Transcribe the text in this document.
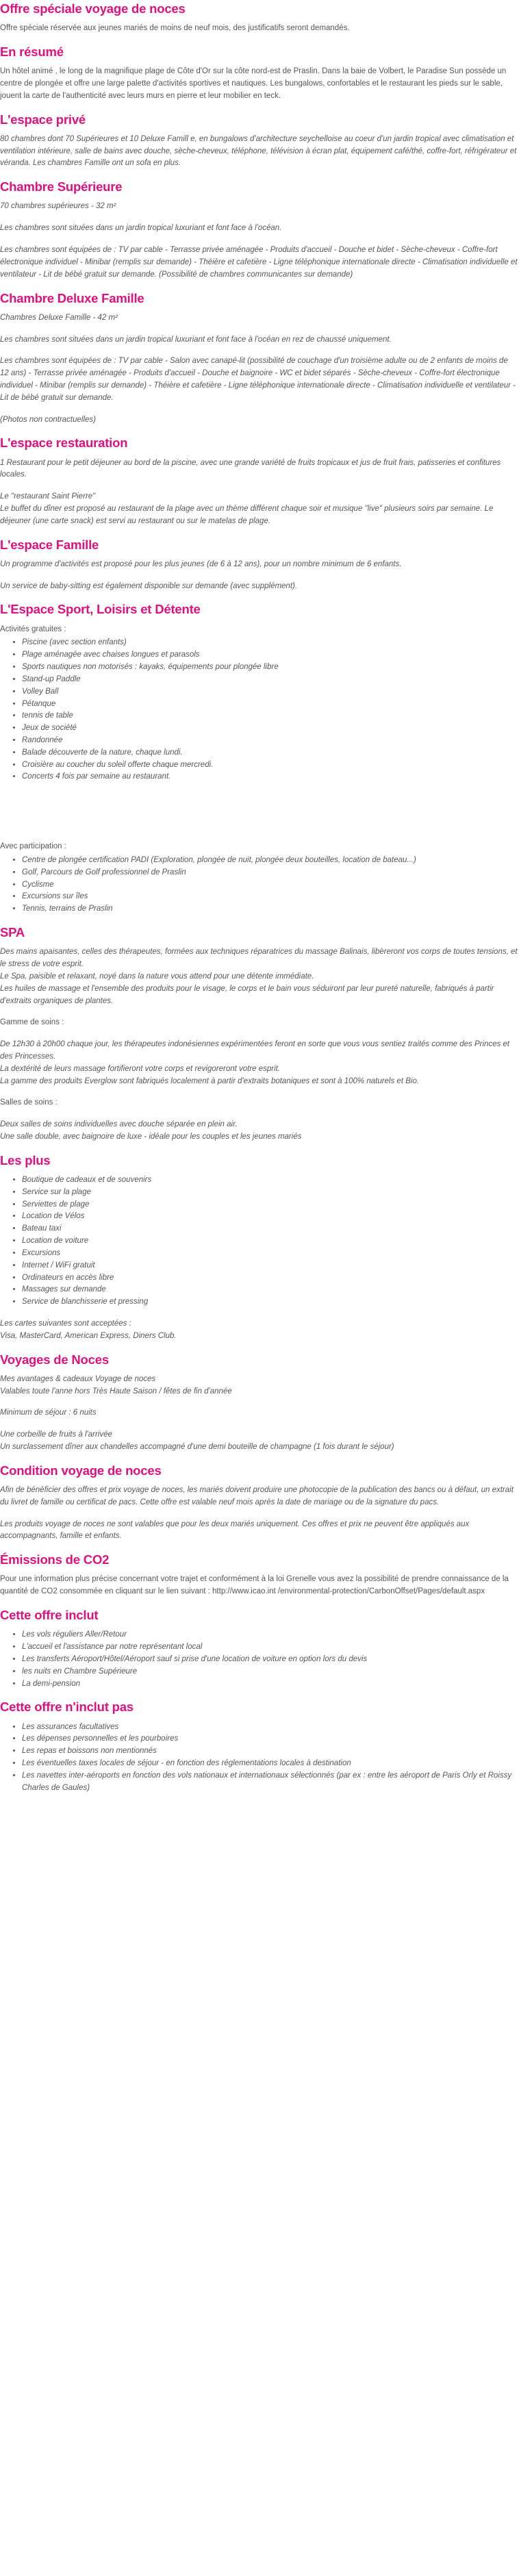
Offre spéciale voyage de noces

Offre spéciale réservée aux jeunes mariés de moins de neuf mois, des justificatifs seront demandés.

En résumé

Un hôtel animé , le long de la magnifique plage de Côte d'Or sur la côte nord-est de Praslin. Dans la baie de Volbert, le Paradise Sun possède un centre de plongée et offre une large palette d'activités sportives et nautiques. Les bungalows, confortables et le restaurant les pieds sur le sable, jouent la carte de l'authenticité avec leurs murs en pierre et leur mobilier en teck.

L'espace privé

80 chambres dont 70 Supérieures et 10 Deluxe Famill e, en bungalows d'architecture seychelloise au coeur d'un jardin tropical avec climatisation et ventilation intérieure, salle de bains avec douche, sèche-cheveux, téléphone, télévision à écran plat, équipement café/thé, coffre-fort, réfrigérateur et véranda. Les chambres Famille ont un sofa en plus.

Chambre Supérieure

70 chambres supérieures - 32 m²

Les chambres sont situées dans un jardin tropical luxuriant et font face à l'océan.

Les chambres sont équipées de : TV par cable - Terrasse privée aménagée - Produits d'accueil - Douche et bidet - Sèche-cheveux - Coffre-fort électronique individuel - Minibar (remplis sur demande) - Théière et cafetière - Ligne téléphonique internationale directe - Climatisation individuelle et ventilateur - Lit de bébé gratuit sur demande. (Possibilité de chambres communicantes sur demande)

Chambre Deluxe Famille

Chambres Deluxe Famille - 42 m²

Les chambres sont situées dans un jardin tropical luxuriant et font face à l'océan en rez de chaussé uniquement.

Les chambres sont équipées de : TV par cable - Salon avec canapé-lit (possibilité de couchage d'un troisième adulte ou de 2 enfants de moins de 12 ans) - Terrasse privée aménagée - Produits d'accueil - Douche et baignoire - WC et bidet séparés - Sèche-cheveux - Coffre-fort électronique individuel - Minibar (remplis sur demande) - Théière et cafetière - Ligne téléphonique internationale directe - Climatisation individuelle et ventilateur - Lit de bébé gratuit sur demande.

(Photos non contractuelles)

L'espace restauration

1 Restaurant pour le petit déjeuner au bord de la piscine, avec une grande variété de fruits tropicaux et jus de fruit frais, patisseries et confitures locales.

Le "restaurant Saint Pierre"
Le buffet du dîner est proposé au restaurant de la plage avec un thème différent chaque soir et musique "live" plusieurs soirs par semaine. Le déjeuner (une carte snack) est servi au restaurant ou sur le matelas de plage.

L'espace Famille

Un programme d'activités est proposé pour les plus jeunes (de 6 à 12 ans), pour un nombre minimum de 6 enfants.

Un service de baby-sitting est également disponible sur demande (avec supplément).

L'Espace Sport, Loisirs et Détente

Activités gratuites :

• Piscine (avec section enfants)
• Plage aménagée avec chaises longues et parasols
• Sports nautiques non motorisés : kayaks, équipements pour plongée libre
• Stand-up Paddle
• Volley Ball
• Pétanque
• tennis de table
• Jeux de société
• Randonnée
• Balade découverte de la nature, chaque lundi.
• Croisière au coucher du soleil offerte chaque mercredi.
• Concerts 4 fois par semaine au restaurant.

Avec participation :

• Centre de plongée certification PADI (Exploration, plongée de nuit, plongée deux bouteilles, location de bateau...)
• Golf, Parcours de Golf professionnel de Praslin
• Cyclisme
• Excursions sur îles
• Tennis, terrains de Praslin
SPA

Des mains apaisantes, celles des thérapeutes, formées aux techniques réparatrices du massage Balinais, libèreront vos corps de toutes tensions, et le stress de votre esprit.
Le Spa, paisible et relaxant, noyé dans la nature vous attend pour une détente immédiate.
Les huiles de massage et l'ensemble des produits pour le visage, le corps et le bain vous séduiront par leur pureté naturelle, fabriqués à partir d'extraits organiques de plantes.

Gamme de soins :

De 12h30 à 20h00 chaque jour, les thérapeutes indonésiennes expérimentées feront en sorte que vous vous sentiez traités comme des Princes et des Princesses.
La dextérité de leurs massage fortifieront votre corps et revigoreront votre esprit.
La gamme des produits Everglow sont fabriqués localement à partir d'extraits botaniques et sont à 100% naturels et Bio.

Salles de soins :

Deux salles de soins individuelles avec douche séparée en plein air.
Une salle double, avec baignoire de luxe - idéale pour les couples et les jeunes mariés

Les plus
• Boutique de cadeaux et de souvenirs
• Service sur la plage
• Serviettes de plage
• Location de Vélos
• Bateau taxi
• Location de voiture
• Excursions
• Internet / WiFi gratuit
• Ordinateurs en accès libre
• Massages sur demande
• Service de blanchisserie et pressing

Les cartes suivantes sont acceptées :
Visa, MasterCard, American Express, Diners Club.

Voyages de Noces

Mes avantages & cadeaux Voyage de noces
Valables toute l'anne hors Très Haute Saison / fêtes de fin d'année

Minimum de séjour : 6 nuits

Une corbeille de fruits à l'arrivée
Un surclassement dîner aux chandelles accompagné d'une demi bouteille de champagne (1 fois durant le séjour)

Condition voyage de noces

Afin de bénéficier des offres et prix voyage de noces, les mariés doivent produire une photocopie de la publication des bancs ou à défaut, un extrait du livret de famille ou certificat de pacs. Cette offre est valable neuf mois après la date de mariage ou de la signature du pacs.

Les produits voyage de noces ne sont valables que pour les deux mariés uniquement. Ces offres et prix ne peuvent être appliqués aux accompagnants, famille et enfants.

Émissions de CO2

Pour une information plus précise concernant votre trajet et conformément à la loi Grenelle vous avez la possibilité de prendre connaissance de la quantité de CO2 consommée en cliquant sur le lien suivant : http://www.icao.int /environmental-protection/CarbonOffset/Pages/default.aspx

Cette offre inclut
• Les vols réguliers Aller/Retour
• L'accueil et l'assistance par notre représentant local
• Les transferts Aéroport/Hôtel/Aéroport sauf si prise d'une location de voiture en option lors du devis
• les nuits en Chambre Supérieure
• La demi-pension
Cette offre n'inclut pas
• Les assurances facultatives
• Les dépenses personnelles et les pourboires
• Les repas et boissons non mentionnés
• Les éventuelles taxes locales de séjour - en fonction des réglementations locales à destination
• Les navettes inter-aéroports en fonction des vols nationaux et internationaux sélectionnés (par ex : entre les aéroport de Paris Orly et Roissy Charles de Gaules)
